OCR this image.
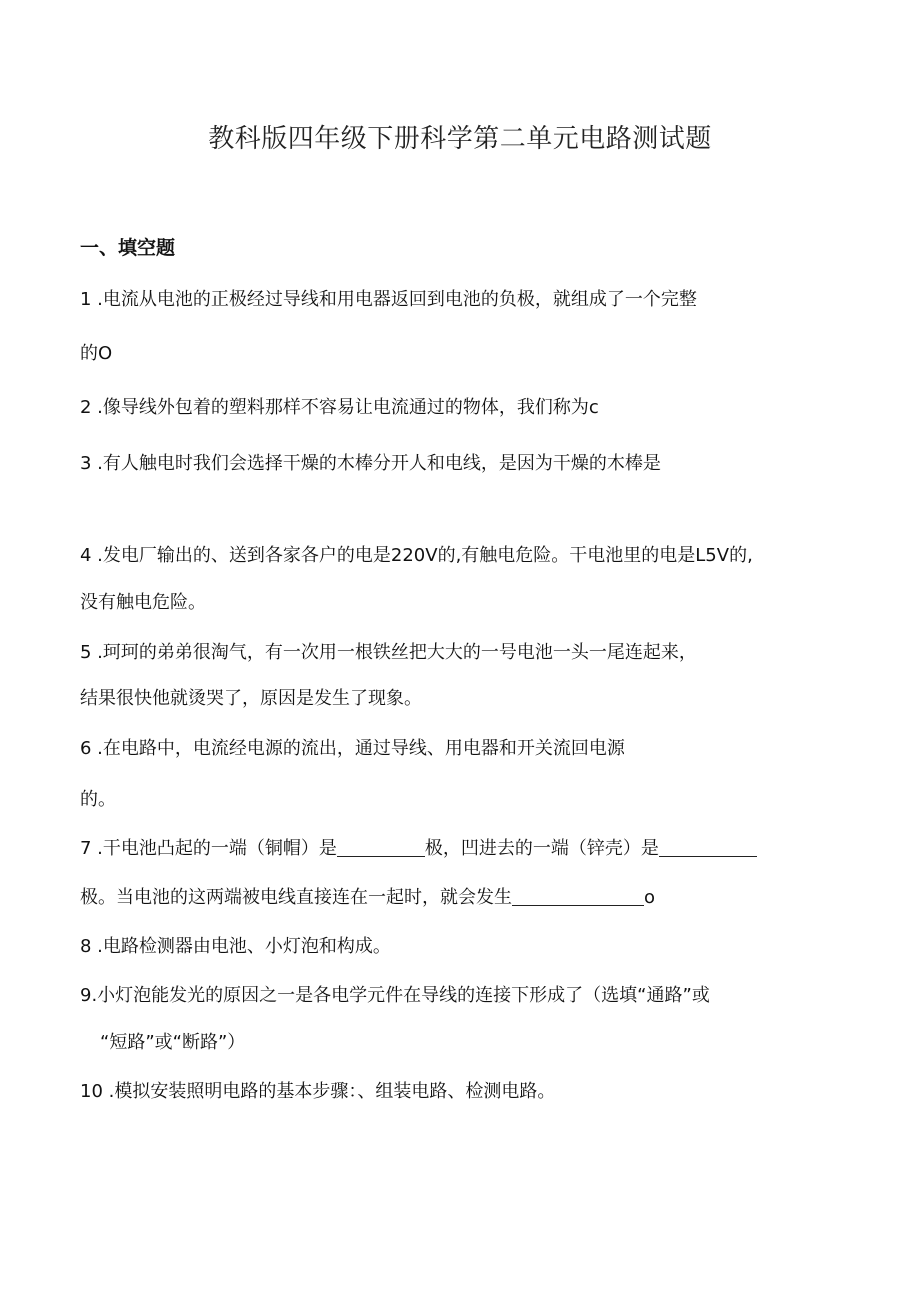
教科版四年级下册科学第二单元电路测试题
一、填空题
1 .电流从电池的正极经过导线和用电器返回到电池的负极，就组成了一个完整
的O
2 .像导线外包着的塑料那样不容易让电流通过的物体，我们称为c
3 .有人触电时我们会选择干燥的木棒分开人和电线，是因为干燥的木棒是
4 .发电厂输出的、送到各家各户的电是220V的,有触电危险。干电池里的电是L5V的,
没有触电危险。
5 .珂珂的弟弟很淘气，有一次用一根铁丝把大大的一号电池一头一尾连起来，
结果很快他就烫哭了，原因是发生了现象。
6 .在电路中，电流经电源的流出，通过导线、用电器和开关流回电源
的。
7 .干电池凸起的一端（铜帽）是	极，凹进去的一端（锌壳）是
极。当电池的这两端被电线直接连在一起时，就会发生	o
8 .电路检测器由电池、小灯泡和构成。
9.小灯泡能发光的原因之一是各电学元件在导线的连接下形成了（选填“通路”或
“短路”或“断路”）
10 .模拟安装照明电路的基本步骤：、组装电路、检测电路。
